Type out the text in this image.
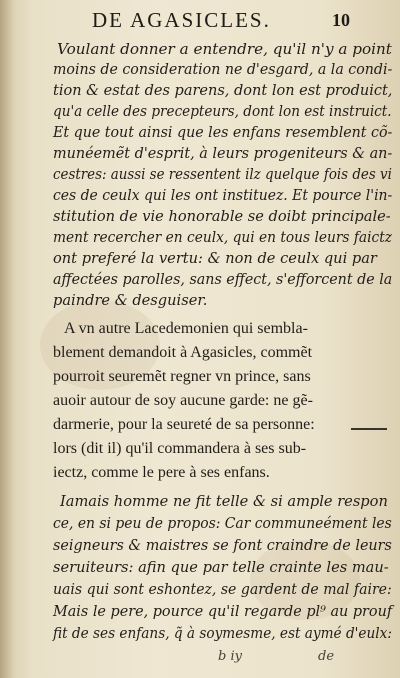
DE AGASICLES.	10
Voulant donner a entendre, qu'il n'y a point
moins de consideration ne d'esgard, a la condi-
tion & estat des parens, dont lon est produict,
qu'a celle des precepteurs, dont lon est instruict.
Et que tout ainsi que les enfans resemblent cõ-
munéemẽt d'esprit, à leurs progeniteurs & an-
cestres: aussi se ressentent ilz quelque fois des vi
ces de ceulx qui les ont instituez. Et pource l'in-
stitution de vie honorable se doibt principale-
ment recercher en ceulx, qui en tous leurs faictz
ont preferé la vertu: & non de ceulx qui par
affectées parolles, sans effect, s'efforcent de la
paindre & desguiser.
A vn autre Lacedemonien qui sembla-
blement demandoit à Agasicles, commẽt
pourroit seuremẽt regner vn prince, sans
auoir autour de soy aucune garde: ne gẽ-
darmerie, pour la seureté de sa personne:
lors (dit il) qu'il commandera à ses sub-
iectz, comme le pere à ses enfans.
Iamais homme ne fit telle & si ample respon
ce, en si peu de propos: Car communeément les
seigneurs & maistres se font craindre de leurs
seruiteurs: afin que par telle crainte les mau-
uais qui sont eshontez, se gardent de mal faire:
Mais le pere, pource qu'il regarde pl⁹ au prouf
fit de ses enfans, q̃ à soymesme, est aymé d'eulx:
b iy	de
